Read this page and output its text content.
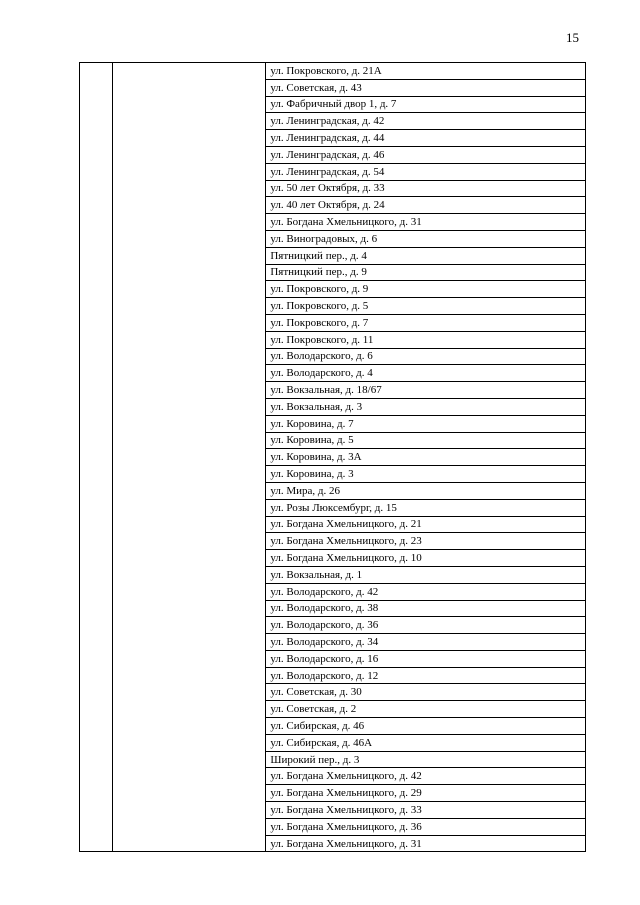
15
		ул. Покровского, д. 21А
ул. Советская, д. 43
ул. Фабричный двор 1, д. 7
ул. Ленинградская, д. 42
ул. Ленинградская, д. 44
ул. Ленинградская, д. 46
ул. Ленинградская, д. 54
ул. 50 лет Октября, д. 33
ул. 40 лет Октября, д. 24
ул. Богдана Хмельницкого, д. 31
ул. Виноградовых, д. 6
Пятницкий пер., д. 4
Пятницкий пер., д. 9
ул. Покровского, д. 9
ул. Покровского, д. 5
ул. Покровского, д. 7
ул. Покровского, д. 11
ул. Володарского, д. 6
ул. Володарского, д. 4
ул. Вокзальная, д. 18/67
ул. Вокзальная, д. 3
ул. Коровина, д. 7
ул. Коровина, д. 5
ул. Коровина, д. 3А
ул. Коровина, д. 3
ул. Мира, д. 26
ул. Розы Люксембург, д. 15
ул. Богдана Хмельницкого, д. 21
ул. Богдана Хмельницкого, д. 23
ул. Богдана Хмельницкого, д. 10
ул. Вокзальная, д. 1
ул. Володарского, д. 42
ул. Володарского, д. 38
ул. Володарского, д. 36
ул. Володарского, д. 34
ул. Володарского, д. 16
ул. Володарского, д. 12
ул. Советская, д. 30
ул. Советская, д. 2
ул. Сибирская, д. 46
ул. Сибирская, д. 46А
Широкий пер., д. 3
ул. Богдана Хмельницкого, д. 42
ул. Богдана Хмельницкого, д. 29
ул. Богдана Хмельницкого, д. 33
ул. Богдана Хмельницкого, д. 36
ул. Богдана Хмельницкого, д. 31
